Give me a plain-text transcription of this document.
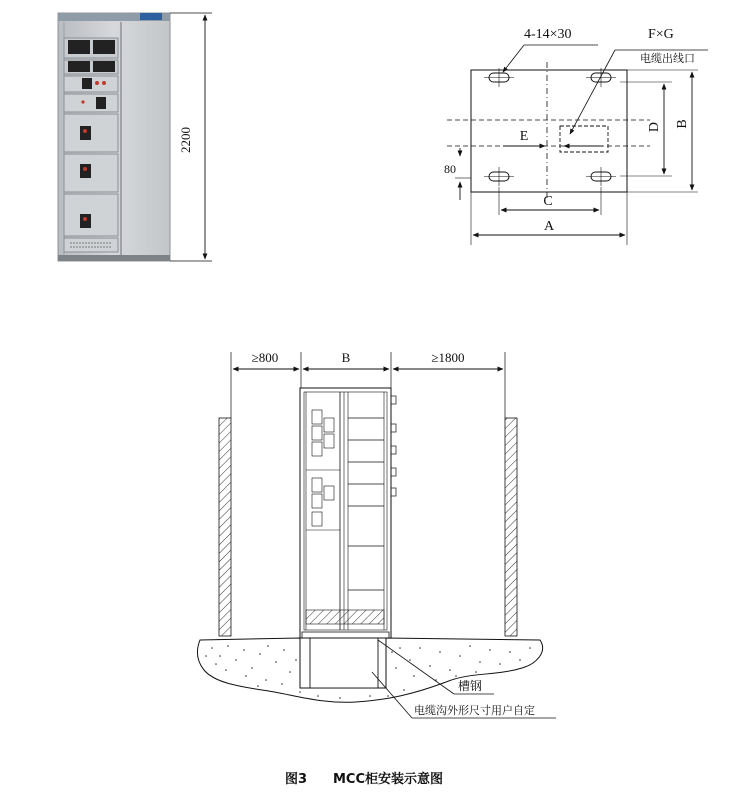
2200	E
4-14×30	F×G
电缆出线口
D B
80
C
A
≥800	B	≥1800
槽钢
电缆沟外形尺寸用户自定
图3 MCC柜安装示意图
